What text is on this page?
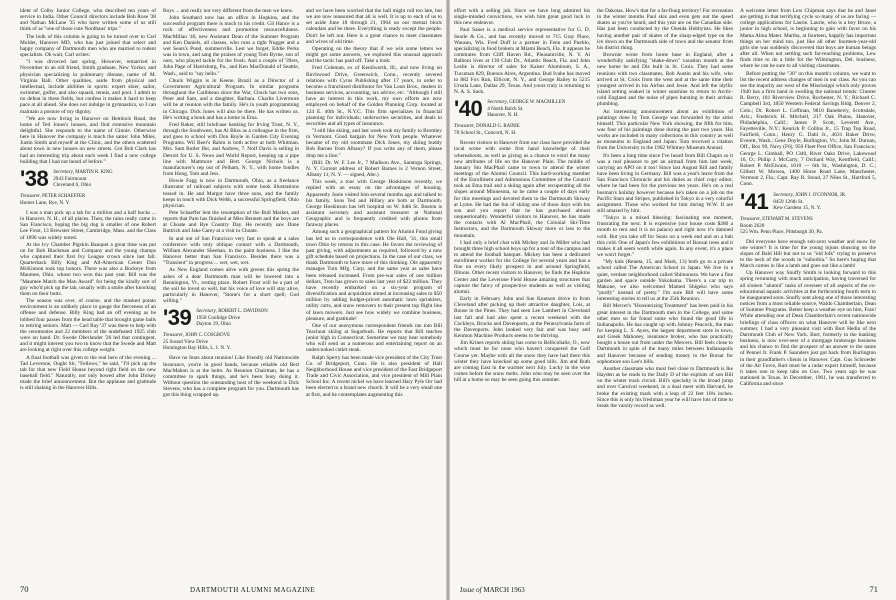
ident of Colby Junior College, who described ten years of service in India. Other Council directors include Bob Rose '38 and Nathan McLane '35 who have written some of us still think of as "one of those cute Nordhaus' trips."

The bulk of this column is going to be turned over to Carl Molder, Hanover MD, who has just joined that select and happy company of Dartmouth men who are married to rodent specialists. Oh wait, Carl writes:

"I was divorced last spring. However, remarried in November to an old friend, Smith graduate, New Yorker, and physician specializing in pulmonary disease, name of M. Virginia Ball. Other qualities, aside from physical and intellectual, include abilities in sports: expert skier, sailor, swimmer, golfer, and also squash, tennis, and pool. I admit to no defeat in these fields, but confess it makes it hard to keep pace at all ahead. She does not indulge in gymnastics, so I can maintain a posture of my dignity.

"We are now living in Hanover on Hemlock Road, the home of Ted Jones's houses, and find extensive mountain delightful. She responds to the name of Ginnie. Otherwise here in Hanover the company is much the same: John Miles, Justin Smith and myself at the Clinic, and the others scattered about town in new houses on new streets. Got Bob Clark has had an interesting trip about each week I find a new college building that I had not heard of before."

'38 Secretary, MARTIN R. KING
2943 Fairmount
Cleveland 6, Ohio
Treasurer, PETER SCHAEFFER
Hunter Lane, Rye, N. Y.

I was a man pick up a tab for a million and a half bucks ... in Hanover, N. H., of all places. Then, the rains really came in San Francisco, hoping the big dog is smaller of one Robert Lee Frost, 13 Brewster Street, Cambridge, Mass. and the Class of 1896 was widely noted.

At the Ivy Chamber Pigskin Banquet a great time was put on for Bob Blackman and Company and the young champs who captured their first Ivy League crown since last fall. Quarterback Billy King and All-American Center Don McKinnon took top honors. There was also a Buckeye from Maumee, Ohio, whose two won this past year. Bill was the "Maumee Match the Man Award" for being the kindly sort of guy who'd pick up the tab, usually with a smile after knocking them on their butts.

The season was over, of course, and the masked potato environment is an unlikely place to gauge the fierceness of an offense and defense. Billy King had an off evening as he lobbed four passes from the head table that brought game balls to retiring seniors. Matt — Carl Ray '37 was there to help with the ceremonies and 22 members of the undefeated 1925 club were on hand. Dr. Swede Oberlander '26 led that contingent, and it might interest you two to know that the Swede and Matt are looking at right over this college weight.

A final football was given to the real hero of the evening ... Tad Leverone, Ought Sir, "Fellows," he said, "I'll pick up the tab for that new Field House beyond right field on the new baseball field." Naturally, not only bowed after John Dickey made the brief announcement. But the applause and gratitude is still shaking in the Hanover Hills.

Boys ... and really not very different from the men we knew.

John Southard now has an office in Hopkins, and the successful program there is much to his credit. Gil Hance is a rock of effectiveness and promotion resourcefulness. MacMillan '40, new Assistant Dean of the Summer Program and Ken Daniels, all classes, who runs a tight Nugget and a wet Sears's Pond, summerville. Lest we forget, Eddie Perks was in town, and sang the praises of young Tom Byrne, son of ours, who played tackle for the frosh. And a couple of '39ers, John Page of Harrisburg, Pa., and Ken MacDonald of Seattle, Wash., said to "say hello."

Chuck Wiggin is in Keene, Brazil as a Director of a Government Agricultural Program. In similar programs throughout the Caribbean since the War, Chuck has two sons, Peter and Sam, and a daughter, Barbara. Charlie Livermore will be at reunion with the family. He's in youth programming in Chicago. Dick Jones will also be there. He has written us. He's writing a book and has a home in Etna.

Fred Baker, still briefcase banking for Irving Trust, N. Y., through the Southwest, has Al Bliss as a colleague in the firm, and goes to school with Don Boyle in Garden City Evening Programs. Wil Beer's Rahm is both active at both Whitman. Mrs. Sam Butler Ifer, and Andrew, 7. Nolf Davis is selling in Detroit for U. S. News and World Report, keeping up a pipe line with Mattmore and Bert. George Nichols is a manufacturer's rep out of Pelham, N. Y., with home fondles from Hong, Tom and Jess.

Howie Fagg is now in Dartmouth, Ohio, as a freelance illustrator of railroad subjects with some book illustrations tossed in. He and Margot have three sons, and the family keeps in touch with Dick Webb, a successful Springfield, Ohio physician.

Pete Schaeffer lent the resumption of the Bull Market, and reports that Pam has finished at Miss Bennett and the boys are at Choate and Rye Country Day. He recently saw Dune Buttrick and Jake Carey at a visit in Choate.

In and out of San Francisco very fast to speak at a sales conference with only oblique contact with a Dartmouth, William Alexander Sheehan, in the paint business. I like the Hanover better than San Francisco. Besides there was a "Transient" in progress ... wet, wet, wet.

As New England comes alive with greens this spring the ashes of a dear Dartmouth man will be lowered into a Bennington, Vt., resting place. Robert Frost will be a part of the soil he loved so well, but his voice of love will stay alive, particularly in Hanover, "Stone's for a short spell; God willing."

'39 Secretary, ROBERT L. DAVIDSON
1958 Coolidge Drive
Dayton 19, Ohio
Treasurer, JOHN C. COSGROVE
25 Sound View Drive
Huntington Bay Hills, L. I. N. Y.

Have no fears about reunion! Like friendly old Nationwide Insurance, you're in good hands, because reliable old Bert MacMahon is at the helm. As Reunion Chairman, he has a committee to spark things, and he's been busy doing it. Without question the outstanding host of the weekend is Dick Stevens, who has a complete program for you. Dartmouth has got this thing wrapped up.

and we have been worried that the ball might roll too late, but we are now reassured that all is well. It is up to each of us to set aside June 18 through 21, 1964 on our mental block calendars and be there. Everything is ready except the people. Don't be left out. Here is a great chance to meet classmates and wives of old time.

Operating on the theory that if we win some letters we might get some answers, we explored this unusual approach and the tactic has paid off. Take a look:

Fred Coleman, ex of Kenilworth, Ill., and now living on Birchwood Drive, Greenwich, Conn., recently severed relations with Cyrus Publishing after 17 years, in order to become a franchised distributor for Van Loon Bros., dealers in business services, accounting, tax advice, etc. "Although I still have an interest in this work, my own efforts are now employed on behalf of the Golden Planning Corp. located at 124 E. 40th St., N.Y.C. This firm specializes in financial planning for individuals; underwrites securities, and deals in securities and all types of insurance.

"I still like skiing, and last week took my family to Bromley in Vermont. Good bargain for New York people. Whatever became of my old roommate Dick Jones, my skiing buddy Bob Barnes from Albany? If you write any of them, please drop me a line."

(Bill: Dr. W. F. Lee Jr., 7 Madison Ave., Saratoga Springs, N. Y. Current address of Robert Barnes is 2 Vernon Street, Albany 11, N. Y. — signed, Abe.)

This week, a tour with George Hoskinson recently, we replied with an essay on the advantages of housing. Apparently Junie visited him several months ago and talked to his family. Sons Ted and Hillary are both at Dartmouth. George Hoskinson has left hospital on W. 64th St. Boston is assistant secretary and assistant treasurer at National Geographic and is frequently credited with photos from faraway places.

Among such a geographical pattern for Alumni Fund giving has led us to correspondence with Ole Hall, '31, this small town Ohio by returns in this case. He favors the reviewing of past giving, with adjustments as required, followed by a new gift schedule based on projections. In the case of our class, we thank Dartmouth to have more of this thinking. Ole apparently manages Turn Mfg. Corp. and the same year as sales have been released increased. From pre-war sales of one million dollars, Tron has grown to sales last year of $22 million. They have recently embarked on a six-year program of diversification and acquisition aimed at increasing sales to $50 million by adding budget-priced automatic lawn sprinklers, utility carts, and snow removers to their present top flight line of lawn mowers. Just see how widely we combine business, pleasure, and gratitude!

One of our anonymous correspondent friends ran into Bill Teachout skiing at Sugarbush. He reports that Bill teaches junior high in Connecticut. Sometime we may hear somebody who will send us a numerous and entertaining report on an undercooked cutlet steak.

Ralph Sperry has been made vice president of the City Trust Co. of Bridgeport, Conn. He is also president of Hall Neighborhood House and vice president of the Fast Bridgeport Trade and Civic Association, and vice president of Mill Plain School Inc. A recent nickel we have learned Hary Pyle Orr had been elected to a brand new church. It will be a very small one at first, and he contemplates augmenting this

70	DARTMOUTH ALUMNI MAGAZINE

effort with a selling job. Since we have long admired his single-minded convictions, we wish him great good luck in this new endeavor.

Paul Saner is a medical service representative for G. D. Searle & Co., and has recently moved to 715 Gray Place, Wausau, Wis. Fred Duff is a partner in Fenn and Pueblo, specializing in food brokers at Miami Beach, Fla. It appears he commutes from Cliff Haven Rd., Pleasantville, N. Y. Al Balboni lives at 130 Club Dr., Atlantic Beach, Fla. and John Leslie is director of sales for Kaiser Aluminum, S. A., Tucuman 829, Buenos Aires, Argentina. Bud Ivahe has moved to 882 Fox Run, Ellicott, N. Y., and George Bailey to 5215 Ursula Lane, Dallas 29, Texas. And yours truly is returning to N. A. S. Sack.

'40 Secretary, GEORGE W. MACMILLEN
4 North Balch St.
Hanover, N. H.
Treasurer, DONALD G. RAINIE
78 School St., Concord, N. H.

Recent visitors to Hanover from our class have provided the local scene with some first hand knowledge of their whereabouts, as well as giving us a chance to extol the many new attributes of life on the Hanover Plain. The middle of January Stu MacPhail came to town to attend the winter meetings of the Alumni Council. This hard-working member of the Enrollment and Admissions Committee of the Council took an Etna trail and a skiing again after recuperating all the slopes around Minnesota, so he came a couple of days early for this meetings and devoted them to the Dartmouth Skiway at Lyme. He had the fun of skiing one of those days with his son and you report that he has purchased almost unquestionably. Wonderful visitors to Hanover, he has made the contacts with Al MacPhail, the Colonial Ski-Time Instructors, and the Dartmouth Skiway more or less to the mountain.

I had only a brief chat with Mickey and Jo Miller who had brought three high school boys up for a tour of the campus and to attend the football banquet. Mickey has been a dedicated enrollment worker for the College for several years and has a fine on every likely prospect in and around Springfield, Illinois. Other recent visitors to Hanover, he finds the Hopkins Center and the Leverone Field House amazing structures that capture the fancy of prospective students as well as visiting alumni.

Early in February John and Sue Knutson drove in from Cleveland after picking up their attractive daughter, Lois, at Rouse in the Pines. They had seen Lee Lambert in Cleveland last fall and had also spent a recent weekend with the Cockleys, Brucks and Davenports, at the Pennsylvania farm of the Davenports. John looked very fair and was busy and Kenmon Machine Products seems to be thriving.

Jim Krines reports skiing has come to Bellicohalie, O., now which must be for none who haven't conquered the Golf Course yet. Maybe with all the snow they have had there this winter they have knocked up some good hills. Jim and Ruth are coming East in the warmer next July. Lucky in the wise comes before the snow melts. John who may be seen over the hill at a home so may be seen going this summer.

the Dakotas. How's that for a far-flung territory! For recreation in the winter months Paul skis and even gets out the speed skates as you've heard, and this year are on the Canadian side. Has just been conducted by the Oneida Hobbyists. He likes having another pair of skates of the sharp-edged type on the ice down on the Dartmouth side of town and the senator from his district thing.

Brownie wrote from home base in England, after a wonderfully satisfying "shake-down" vacation month at the new home he and Diz built in St. Croix. They had some reunions with two classmates, Bob Austin and his wife, who arrived at St. Croix from the west and at the same time their youngest arrived in his Airbus and Jesse. And left the idyllic island setting soaked in winter sunshine to return to Arctic-cold England and the noise of pipes bursting in their archaic plumbing.

An interesting announcement about an exhibition of paintings done by Tom George was forwarded by the artist himself. This particular New York showing, the fifth for him, was four of his paintings done during the past two years. His works are included in many collections in this country as well as museums in England and Japan. Tom received a citation from the University in the 1962 Whitney Museum Annual.

It's been a long time since I've heard from Bill Chapin so it was a real pleasure to get an airmail from him last week, carrying an APO on it too! Since last August Bill and family have been living in Germany. Bill was a year's leave from the San Francisco Chronicle and his duties as chief copy editor, where he had been for the previous ten years. He's on a real busman's holiday however because he's taken on a job on the Pacific Stars and Stripes, published in Tokyo in a very colorful assignment. Those who worked for him during W.W. II are still amazed by him.

"Tokyo is a mixed blessing: fascinating one moment, frustrating the next. It is expensive (our house costs $280 a month to rent and it is no palace) and right now it's damned cold. But you take off for Sears on a week end and on a hub this cold. One of Japan's few exhibitions of Bonsai trees and it makes it all seem worth while again. In any event, it's a place we won't forget."

"My kids (Reneta, 15, and Mark, 13) both go to a private school called The American School in Japan. We live in a quiet, verdant neighborhood called Shimonura. We have a fine garden and space outside Yokohama. There's a car trip to Makone, we also welcomed Mamed Shigeko who says "purify" instead of pretty." I'm sure Bill will have some interesting stories to tell us at the 25th Reunion.

Bill Mercer's "Hoosierizing Treatment" has been paid in his great interest in the Dartmouth men in the College, and some other men so far found some who found the good life in Indianapolis. He has caught up with Johnny Peacock, the man for keeping L. S. Ayers, the largest department store in town, and Greek Mahoney, insurance broker, who has practically bought a house out from under the Mercers. Bill feels close to Dartmouth in spite of the many miles between Indianapolis and Hanover because of sending money to the Bursar for sophomore son Lee's bills.

Another classmate who must feel close to Dartmouth is Ike Hayden as he reads in the Daily D of the exploits of son Bill on the winter track circuit. Bill's specialty is the broad jump and over Carnival weekend, in a dual meet with Harvard, he broke the existing mark with a leap of 22 feet 10¾ inches. Since this is only his freshman year he will have lots of time to break the varsity record as well.

A welcome letter from Lew Chipman says that he and Janet are getting in that terrifying cycle so many of us are facing — college applications for Laurie. Laurie, who is a boy Bruce, a junior in high school, is beginning to gain with favor on his Mama Alma Mater. Martha, at fourteen, happily has important things on her mind too, just like all other fourteen-year-old girls she was suddenly discovered that boys are human beings after all. When not settling such far-reaching problems, Lew finds time to do a little for the Wilmington, Del. business, where he can be sure to all visiting classmates.

Before putting the "30" on this month's column, we want to list the recent address changes of men in our class. As you can see the majority are west of the Mississippi which only proves 1940 has a firm hand in swelling the national trends: Chester R. Berry, 181 Riverview Drive, Rochester, N. Y.; Richard C. Campbell 3rd, 1850 Western Federal Savings Bldg. Denver 2, Colo.; Dr. Robert L. Coffman, 9810 Baneberry, Scottsdale, Ariz.; Frederick H. Mitchell, 217 Oak Plains, Hanover, Philadelphia, Calif.; James P. Scott, Leverett Ave., Fayetteville, N.Y.; Kenrick P. Collins Jr., 15 Trap Top Road, Fairfield, Conn.; Henry G. Dahl Jr., 4631 Baker Drive, Everett, Wash.; Gene Doyle, Burlington, Vt.; John M. Durnan, Off., Box 99, Navy (F6), 950 Fleet Post Office, San Francisco; George L. Gimball, PO 1340, River Oaks Drive, Lakewood 16, O.; Philip J. McCarty, 7 Orchard Way, Kentfield, Calif.; Robert P. McElwain, 1610 — 6th St., Washington, D. C.; Gilbert W. Morsea, 1400 Horse Road Lane, Manchester, Vermont 2, Fla.; Capt. Ray R. Stoud, 27 Niles St., Hartford 5, Conn.

'41 Secretary, JOHN J. O'CONNOR, JR.
8459 126th St.
Kew Gardens 15, N. Y.
Treasurer, STEWART M. STEVENS
Room 2620
525 Wm. Penn Place, Pittsburgh 30, Pa.

Did everyone have enough sub-zero weather and snow for one winter? It is time for the young injuns shussing on the slopes of Bald Hill but not to us "old folk" trying to preserve to the neck of the woods in "suburbia." So here's hoping that March comes in like a lamb and goes out like a lamb!

Up Hanover way Snuffy Smith is looking forward to this spring rerunning with much anticipation, having traversed for all sixteen "alumni" tasks of overseer of all aspects of the co-educational aquatic activities at the forthcoming fourth term to be inaugurated soon. Snuffy sent along one of those interesting notices from a most reliable source, Waldo Chamberlain, Dean of Summer Programs. Better keep a weather eye on him, Fran! While attending one of Dean Chamberlain's recent nationwide briefings of class officers on what Hanover will be like next summer, I had a very pleasant visit with Burt Hedin of the Dartmouth Club of New York. Burt, formerly in the banking business, is now over-seer of a mortgage brokerage business and his chance to find the prospect of an answer to the name of Pennel Jr. Frank P. Saunders just got back from Burlington in their grandfather's clients in Hanover. Capt. Gus Schroeder of the Air Force, Burt must be a radar expert himself, because it takes one to keep tabs on Gus. Two years ago he was stationed in Texas. In December, 1961, he was transferred to California and since

Issue of MARCH 1963	71
